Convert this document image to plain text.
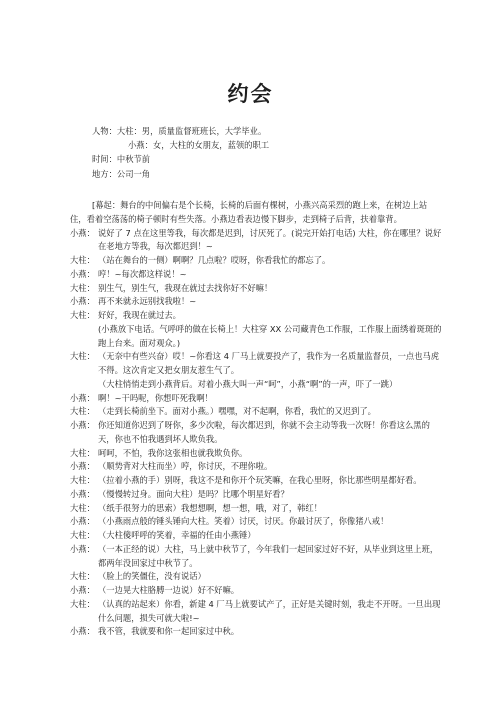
约会
人物：大柱：男，质量监督班班长，大学毕业。
小燕：女，大柱的女朋友，蓝领的职工
时间：中秋节前
地方：公司一角
[幕起：舞台的中间偏右是个长椅，长椅的后面有棵树，小燕兴高采烈的跑上来，在树边上站住，看着空荡荡的椅子顿时有些失落。小燕边看表边慢下脚步，走到椅子后背，扶着靠背。
小燕： 说好了 7 点在这里等我，每次都是迟到，讨厌死了。(说完开始打电话) 大柱，你在哪里？说好在老地方等我，每次都迟到！~
大柱： （站在舞台的一侧）啊啊？几点啦？哎呀，你看我忙的都忘了。
小燕： 哼！~每次都这样说！~
大柱： 别生气，别生气，我现在就过去找你好不好嘛！
小燕： 再不来就永远别找我啦！~
大柱： 好好，我现在就过去。
(小燕放下电话。气呼呼的做在长椅上！大柱穿 XX 公司藏青色工作服，工作服上面绣着斑斑的跑上台来。面对观众。)
大柱： （无奈中有些兴奋）哎！~你看这 4 厂马上就要投产了，我作为一名质量监督员，一点也马虎不得。这次肯定又把女朋友惹生气了。
（大柱悄悄走到小燕背后。对着小燕大叫一声“呵”，小燕“啊”的一声，吓了一跳）
小燕： 啊！~干吗呢，你想吓死我啊！
大柱： （走到长椅前坐下。面对小燕。）嘿嘿，对不起啊，你看，我忙的又迟到了。
小燕： 你还知道你迟到了呀你，多少次啦，每次都迟到，你就不会主动等我一次呀！你看这么黑的天，你也不怕我遇到坏人欺负我。
大柱： 呵呵，不怕，我你这张相也就我欺负你。
小燕： （顺势背对大柱而坐）哼，你讨厌，不理你啦。
大柱： （拉着小燕的手）别呀，我这不是和你开个玩笑嘛，在我心里呀，你比那些明星都好看。
小燕： （慢慢转过身。面向大柱）是吗？比哪个明星好看？
大柱： （纸手很努力的思索）我想想啊，想一想，哦，对了，韩红！
小燕： （小燕雨点般的锤头锤向大柱。笑着）讨厌，讨厌。你最讨厌了，你像猪八戒！
大柱： （大柱傻呼呼的笑着，幸福的任由小燕锤）
小燕： （一本正经的说）大柱，马上就中秋节了，今年我们一起回家过好不好，从毕业到这里上班，都两年没回家过中秋节了。
大柱： （脸上的笑僵住，没有说话）
小燕： （一边晃大柱胳膊一边说）好不好嘛。
大柱： （认真的站起来）你看，新建 4 厂马上就要试产了，正好是关键时刻，我走不开呀。一旦出现什么问题，损失可就大啦!~
小燕： 我不管，我就要和你一起回家过中秋。
